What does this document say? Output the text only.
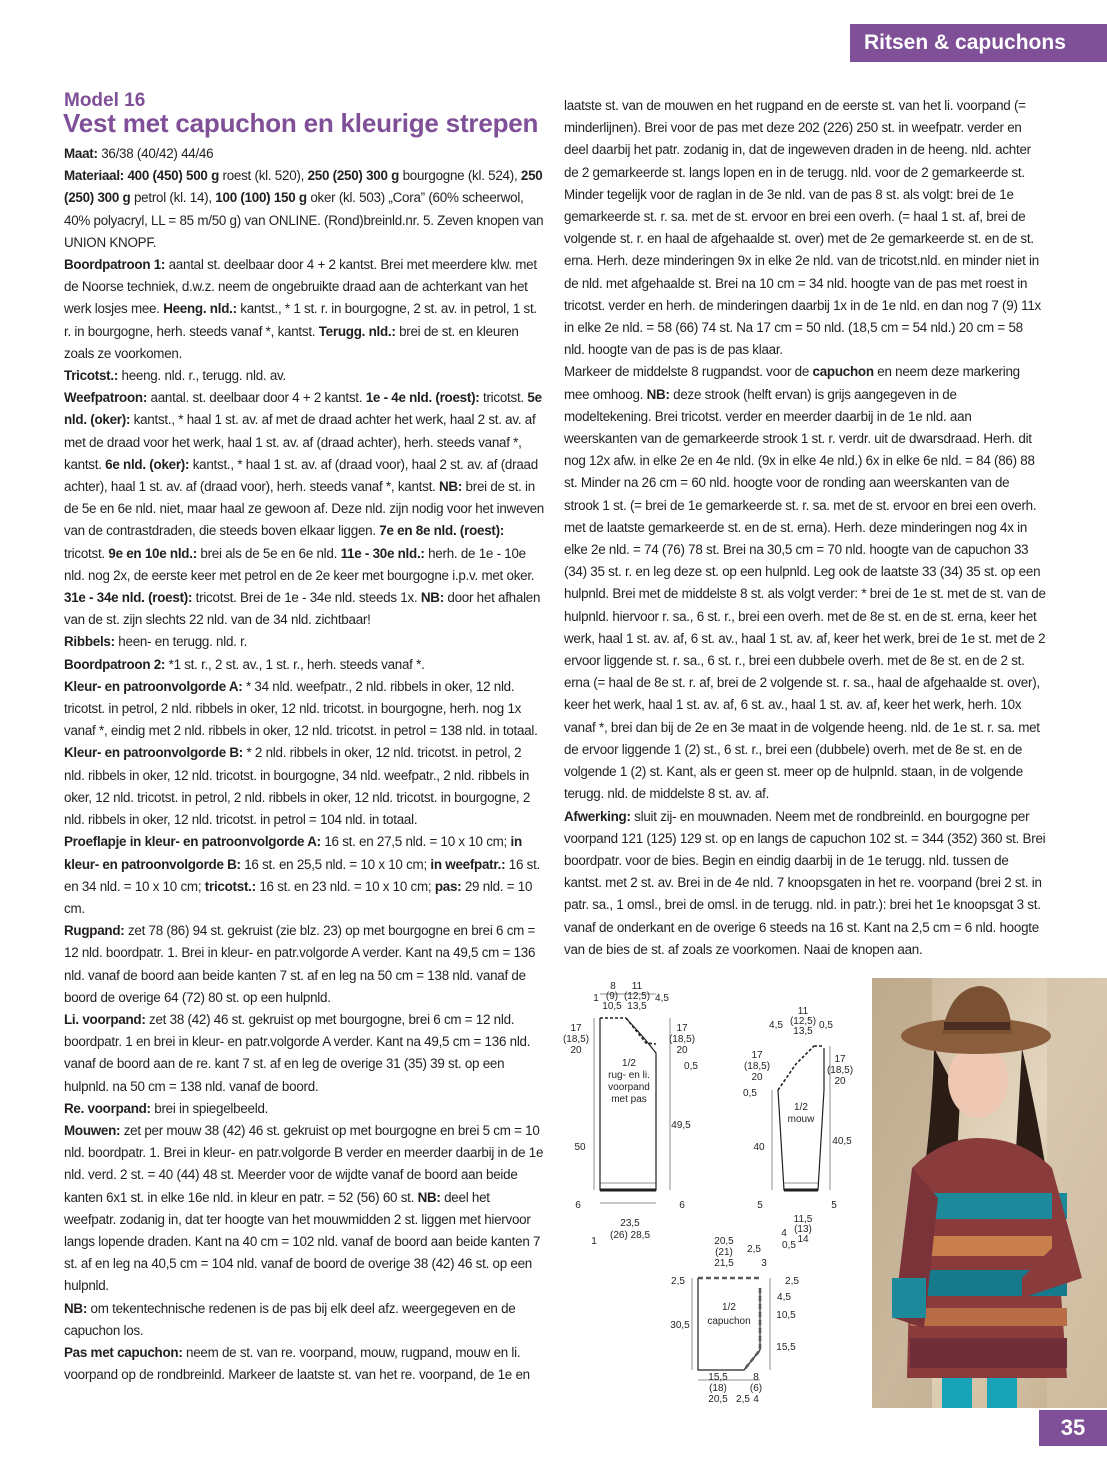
Ritsen & capuchons
Model 16
Vest met capuchon en kleurige strepen

Maat: 36/38 (40/42) 44/46

Materiaal: 400 (450) 500 g roest (kl. 520), 250 (250) 300 g bourgogne (kl. 524), 250 (250) 300 g petrol (kl. 14), 100 (100) 150 g oker (kl. 503) „Cora” (60% scheerwol, 40% polyacryl, LL = 85 m/50 g) van ONLINE. (Rond)breinld.nr. 5. Zeven knopen van UNION KNOPF.

Boordpatroon 1: aantal st. deelbaar door 4 + 2 kantst. Brei met meerdere klw. met de Noorse techniek, d.w.z. neem de ongebruikte draad aan de achterkant van het werk losjes mee. Heeng. nld.: kantst., * 1 st. r. in bourgogne, 2 st. av. in petrol, 1 st. r. in bourgogne, herh. steeds vanaf *, kantst. Terugg. nld.: brei de st. en kleuren zoals ze voorkomen.

Tricotst.: heeng. nld. r., terugg. nld. av.

Weefpatroon: aantal. st. deelbaar door 4 + 2 kantst. 1e - 4e nld. (roest): tricotst. 5e nld. (oker): kantst., * haal 1 st. av. af met de draad achter het werk, haal 2 st. av. af met de draad voor het werk, haal 1 st. av. af (draad achter), herh. steeds vanaf *, kantst. 6e nld. (oker): kantst., * haal 1 st. av. af (draad voor), haal 2 st. av. af (draad achter), haal 1 st. av. af (draad voor), herh. steeds vanaf *, kantst. NB: brei de st. in de 5e en 6e nld. niet, maar haal ze gewoon af. Deze nld. zijn nodig voor het inweven van de contrastdraden, die steeds boven elkaar liggen. 7e en 8e nld. (roest): tricotst. 9e en 10e nld.: brei als de 5e en 6e nld. 11e - 30e nld.: herh. de 1e - 10e nld. nog 2x, de eerste keer met petrol en de 2e keer met bourgogne i.p.v. met oker. 31e - 34e nld. (roest): tricotst. Brei de 1e - 34e nld. steeds 1x. NB: door het afhalen van de st. zijn slechts 22 nld. van de 34 nld. zichtbaar!

Ribbels: heen- en terugg. nld. r.

Boordpatroon 2: *1 st. r., 2 st. av., 1 st. r., herh. steeds vanaf *.

Kleur- en patroonvolgorde A: * 34 nld. weefpatr., 2 nld. ribbels in oker, 12 nld. tricotst. in petrol, 2 nld. ribbels in oker, 12 nld. tricotst. in bourgogne, herh. nog 1x vanaf *, eindig met 2 nld. ribbels in oker, 12 nld. tricotst. in petrol = 138 nld. in totaal.

Kleur- en patroonvolgorde B: * 2 nld. ribbels in oker, 12 nld. tricotst. in petrol, 2 nld. ribbels in oker, 12 nld. tricotst. in bourgogne, 34 nld. weefpatr., 2 nld. ribbels in oker, 12 nld. tricotst. in petrol, 2 nld. ribbels in oker, 12 nld. tricotst. in bourgogne, 2 nld. ribbels in oker, 12 nld. tricotst. in petrol = 104 nld. in totaal.

Proeflapje in kleur- en patroonvolgorde A: 16 st. en 27,5 nld. = 10 x 10 cm; in kleur- en patroonvolgorde B: 16 st. en 25,5 nld. = 10 x 10 cm; in weefpatr.: 16 st. en 34 nld. = 10 x 10 cm; tricotst.: 16 st. en 23 nld. = 10 x 10 cm; pas: 29 nld. = 10 cm.

Rugpand: zet 78 (86) 94 st. gekruist (zie blz. 23) op met bourgogne en brei 6 cm = 12 nld. boordpatr. 1. Brei in kleur- en patr.volgorde A verder. Kant na 49,5 cm = 136 nld. vanaf de boord aan beide kanten 7 st. af en leg na 50 cm = 138 nld. vanaf de boord de overige 64 (72) 80 st. op een hulpnld.

Li. voorpand: zet 38 (42) 46 st. gekruist op met bourgogne, brei 6 cm = 12 nld. boordpatr. 1 en brei in kleur- en patr.volgorde A verder. Kant na 49,5 cm = 136 nld. vanaf de boord aan de re. kant 7 st. af en leg de overige 31 (35) 39 st. op een hulpnld. na 50 cm = 138 nld. vanaf de boord.

Re. voorpand: brei in spiegelbeeld.

Mouwen: zet per mouw 38 (42) 46 st. gekruist op met bourgogne en brei 5 cm = 10 nld. boordpatr. 1. Brei in kleur- en patr.volgorde B verder en meerder daarbij in de 1e nld. verd. 2 st. = 40 (44) 48 st. Meerder voor de wijdte vanaf de boord aan beide kanten 6x1 st. in elke 16e nld. in kleur en patr. = 52 (56) 60 st. NB: deel het weefpatr. zodanig in, dat ter hoogte van het mouwmidden 2 st. liggen met hiervoor langs lopende draden. Kant na 40 cm = 102 nld. vanaf de boord aan beide kanten 7 st. af en leg na 40,5 cm = 104 nld. vanaf de boord de overige 38 (42) 46 st. op een hulpnld.

NB: om tekentechnische redenen is de pas bij elk deel afz. weergegeven en de capuchon los.

Pas met capuchon: neem de st. van re. voorpand, mouw, rugpand, mouw en li. voorpand op de rondbreinld. Markeer de laatste st. van het re. voorpand, de 1e en

laatste st. van de mouwen en het rugpand en de eerste st. van het li. voorpand (= minderlijnen). Brei voor de pas met deze 202 (226) 250 st. in weefpatr. verder en deel daarbij het patr. zodanig in, dat de ingeweven draden in de heeng. nld. achter de 2 gemarkeerde st. langs lopen en in de terugg. nld. voor de 2 gemarkeerde st. Minder tegelijk voor de raglan in de 3e nld. van de pas 8 st. als volgt: brei de 1e gemarkeerde st. r. sa. met de st. ervoor en brei een overh. (= haal 1 st. af, brei de volgende st. r. en haal de afgehaalde st. over) met de 2e gemarkeerde st. en de st. erna. Herh. deze minderingen 9x in elke 2e nld. van de tricotst.nld. en minder niet in de nld. met afgehaalde st. Brei na 10 cm = 34 nld. hoogte van de pas met roest in tricotst. verder en herh. de minderingen daarbij 1x in de 1e nld. en dan nog 7 (9) 11x in elke 2e nld. = 58 (66) 74 st. Na 17 cm = 50 nld. (18,5 cm = 54 nld.) 20 cm = 58 nld. hoogte van de pas is de pas klaar.

Markeer de middelste 8 rugpandst. voor de capuchon en neem deze markering mee omhoog. NB: deze strook (helft ervan) is grijs aangegeven in de modeltekening. Brei tricotst. verder en meerder daarbij in de 1e nld. aan weerskanten van de gemarkeerde strook 1 st. r. verdr. uit de dwarsdraad. Herh. dit nog 12x afw. in elke 2e en 4e nld. (9x in elke 4e nld.) 6x in elke 6e nld. = 84 (86) 88 st. Minder na 26 cm = 60 nld. hoogte voor de ronding aan weerskanten van de strook 1 st. (= brei de 1e gemarkeerde st. r. sa. met de st. ervoor en brei een overh. met de laatste gemarkeerde st. en de st. erna). Herh. deze minderingen nog 4x in elke 2e nld. = 74 (76) 78 st. Brei na 30,5 cm = 70 nld. hoogte van de capuchon 33 (34) 35 st. r. en leg deze st. op een hulpnld. Leg ook de laatste 33 (34) 35 st. op een hulpnld. Brei met de middelste 8 st. als volgt verder: * brei de 1e st. met de st. van de hulpnld. hiervoor r. sa., 6 st. r., brei een overh. met de 8e st. en de st. erna, keer het werk, haal 1 st. av. af, 6 st. av., haal 1 st. av. af, keer het werk, brei de 1e st. met de 2 ervoor liggende st. r. sa., 6 st. r., brei een dubbele overh. met de 8e st. en de 2 st. erna (= haal de 8e st. r. af, brei de 2 volgende st. r. sa., haal de afgehaalde st. over), keer het werk, haal 1 st. av. af, 6 st. av., haal 1 st. av. af, keer het werk, herh. 10x vanaf *, brei dan bij de 2e en 3e maat in de volgende heeng. nld. de 1e st. r. sa. met de ervoor liggende 1 (2) st., 6 st. r., brei een (dubbele) overh. met de 8e st. en de volgende 1 (2) st. Kant, als er geen st. meer op de hulpnld. staan, in de volgende terugg. nld. de middelste 8 st. av. af.

Afwerking: sluit zij- en mouwnaden. Neem met de rondbreinld. en bourgogne per voorpand 121 (125) 129 st. op en langs de capuchon 102 st. = 344 (352) 360 st. Brei boordpatr. voor de bies. Begin en eindig daarbij in de 1e terugg. nld. tussen de kantst. met 2 st. av. Brei in de 4e nld. 7 knoopsgaten in het re. voorpand (brei 2 st. in patr. sa., 1 omsl., brei de omsl. in de terugg. nld. in patr.): brei het 1e knoopsgat 3 st. vanaf de onderkant en de overige 6 steeds na 16 st. Kant na 2,5 cm = 6 nld. hoogte van de bies de st. af zoals ze voorkomen. Naai de knopen aan.

1/2
rug- en li.
voorpand
met pas
8
(9)
10,5
11
(12,5)
13,5
4,5
1
17
(18,5)
20
50
6
17
(18,5)
20
0,5
49,5
6
23,5
(26) 28,5
1
1/2
mouw
11
(12,5)
13,5
4,5	0,5
17
(18,5)
20
0,5
40
5
17
(18,5)
20
40,5
5
11,5
(13)
14
4
0,5
1/2
capuchon
20,5
(21)
21,5
2,5
3
2,5
30,5
2,5
4,5
10,5
15,5
15,5
(18)
20,5 2,5
8
(6)
4
35
